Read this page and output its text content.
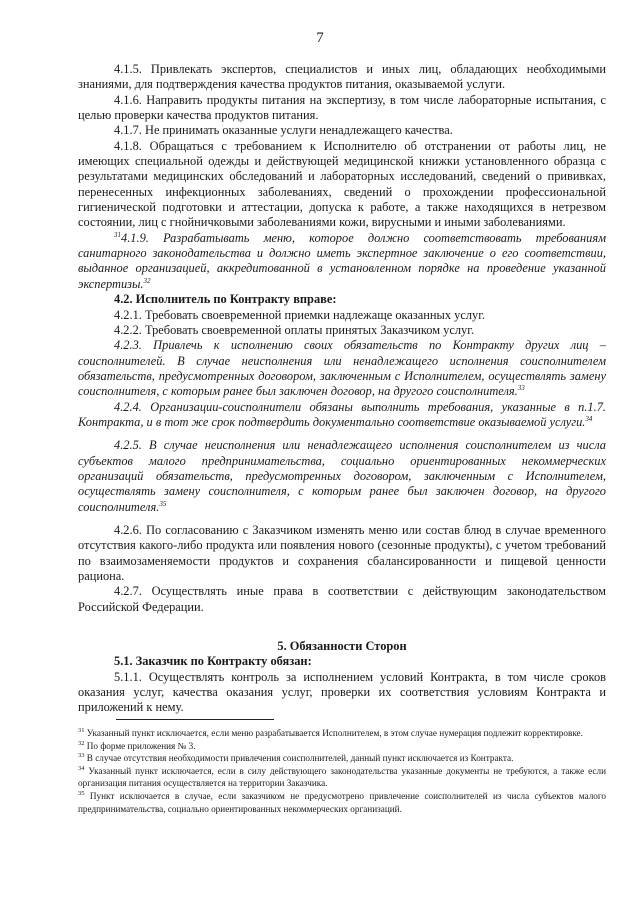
7

4.1.5. Привлекать экспертов, специалистов и иных лиц, обладающих необходимыми знаниями, для подтверждения качества продуктов питания, оказываемой услуги.

4.1.6. Направить продукты питания на экспертизу, в том числе лабораторные испытания, с целью проверки качества продуктов питания.

4.1.7. Не принимать оказанные услуги ненадлежащего качества.

4.1.8. Обращаться с требованием к Исполнителю об отстранении от работы лиц, не имеющих специальной одежды и действующей медицинской книжки установленного образца с результатами медицинских обследований и лабораторных исследований, сведений о прививках, перенесенных инфекционных заболеваниях, сведений о прохождении профессиональной гигиенической подготовки и аттестации, допуска к работе, а также находящихся в нетрезвом состоянии, лиц с гнойничковыми заболеваниями кожи, вирусными и иными заболеваниями.

$^{31}$4.1.9. Разрабатывать меню, которое должно соответствовать требованиям санитарного законодательства и должно иметь экспертное заключение о его соответствии, выданное организацией, аккредитованной в установленном порядке на проведение указанной экспертизы.$^{32}$

4.2. Исполнитель по Контракту вправе:

4.2.1. Требовать своевременной приемки надлежаще оказанных услуг.

4.2.2. Требовать своевременной оплаты принятых Заказчиком услуг.

4.2.3. Привлечь к исполнению своих обязательств по Контракту других лиц – соисполнителей. В случае неисполнения или ненадлежащего исполнения соисполнителем обязательств, предусмотренных договором, заключенным с Исполнителем, осуществлять замену соисполнителя, с которым ранее был заключен договор, на другого соисполнителя.$^{33}$

4.2.4. Организации-соисполнители обязаны выполнить требования, указанные в п.1.7. Контракта, и в тот же срок подтвердить документально соответствие оказываемой услуги.$^{34}$

4.2.5. В случае неисполнения или ненадлежащего исполнения соисполнителем из числа субъектов малого предпринимательства, социально ориентированных некоммерческих организаций обязательств, предусмотренных договором, заключенным с Исполнителем, осуществлять замену соисполнителя, с которым ранее был заключен договор, на другого соисполнителя.$^{35}$

4.2.6. По согласованию с Заказчиком изменять меню или состав блюд в случае временного отсутствия какого-либо продукта или появления нового (сезонные продукты), с учетом требований по взаимозаменяемости продуктов и сохранения сбалансированности и пищевой ценности рациона.

4.2.7. Осуществлять иные права в соответствии с действующим законодательством Российской Федерации.

5. Обязанности Сторон

5.1. Заказчик по Контракту обязан:

5.1.1. Осуществлять контроль за исполнением условий Контракта, в том числе сроков оказания услуг, качества оказания услуг, проверки их соответствия условиям Контракта и приложений к нему.

$^{31}$ Указанный пункт исключается, если меню разрабатывается Исполнителем, в этом случае нумерация подлежит корректировке.

$^{32}$ По форме приложения № 3.

$^{33}$ В случае отсутствия необходимости привлечения соисполнителей, данный пункт исключается из Контракта.

$^{34}$ Указанный пункт исключается, если в силу действующего законодательства указанные документы не требуются, а также если организация питания осуществляется на территории Заказчика.

$^{35}$ Пункт исключается в случае, если заказчиком не предусмотрено привлечение соисполнителей из числа субъектов малого предпринимательства, социально ориентированных некоммерческих организаций.
